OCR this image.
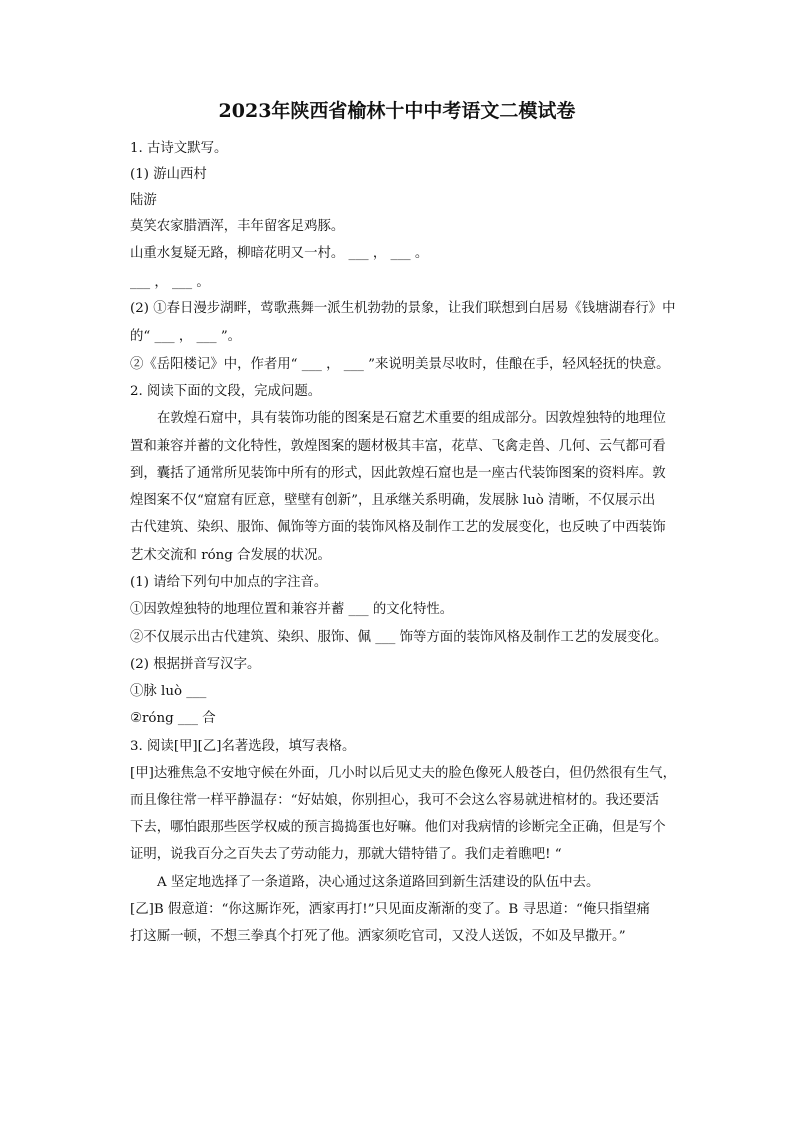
2023年陕西省榆林十中中考语文二模试卷
1. 古诗文默写。
(1) 游山西村
陆游
莫笑农家腊酒浑，丰年留客足鸡豚。
山重水复疑无路，柳暗花明又一村。 ___ ， ___ 。
___ ， ___ 。
(2) ①春日漫步湖畔，莺歌燕舞一派生机勃勃的景象，让我们联想到白居易《钱塘湖春行》中
的“ ___ ， ___ ”。
②《岳阳楼记》中，作者用“ ___ ， ___ ”来说明美景尽收时，佳酿在手，轻风轻抚的快意。
2. 阅读下面的文段，完成问题。
在敦煌石窟中，具有装饰功能的图案是石窟艺术重要的组成部分。因敦煌独特的地理位
置和兼容并蓄的文化特性，敦煌图案的题材极其丰富，花草、飞禽走兽、几何、云气都可看
到，囊括了通常所见装饰中所有的形式，因此敦煌石窟也是一座古代装饰图案的资料库。敦
煌图案不仅“窟窟有匠意，壁壁有创新”，且承继关系明确，发展脉 luò 清晰，不仅展示出
古代建筑、染织、服饰、佩饰等方面的装饰风格及制作工艺的发展变化，也反映了中西装饰
艺术交流和 róng 合发展的状况。
(1) 请给下列句中加点的字注音。
①因敦煌独特的地理位置和兼容并蓄 ___ 的文化特性。
②不仅展示出古代建筑、染织、服饰、佩 ___ 饰等方面的装饰风格及制作工艺的发展变化。
(2) 根据拼音写汉字。
①脉 luò ___
②róng ___ 合
3. 阅读[甲][乙]名著选段，填写表格。
[甲]达雅焦急不安地守候在外面，几小时以后见丈夫的脸色像死人般苍白，但仍然很有生气，
而且像往常一样平静温存：“好姑娘，你别担心，我可不会这么容易就进棺材的。我还要活
下去，哪怕跟那些医学权威的预言捣捣蛋也好嘛。他们对我病情的诊断完全正确，但是写个
证明，说我百分之百失去了劳动能力，那就大错特错了。我们走着瞧吧! “
A 坚定地选择了一条道路，决心通过这条道路回到新生活建设的队伍中去。
[乙]B 假意道：“你这厮诈死，洒家再打!”只见面皮渐渐的变了。B 寻思道：“俺只指望痛
打这厮一顿，不想三拳真个打死了他。洒家须吃官司，又没人送饭，不如及早撒开。”
